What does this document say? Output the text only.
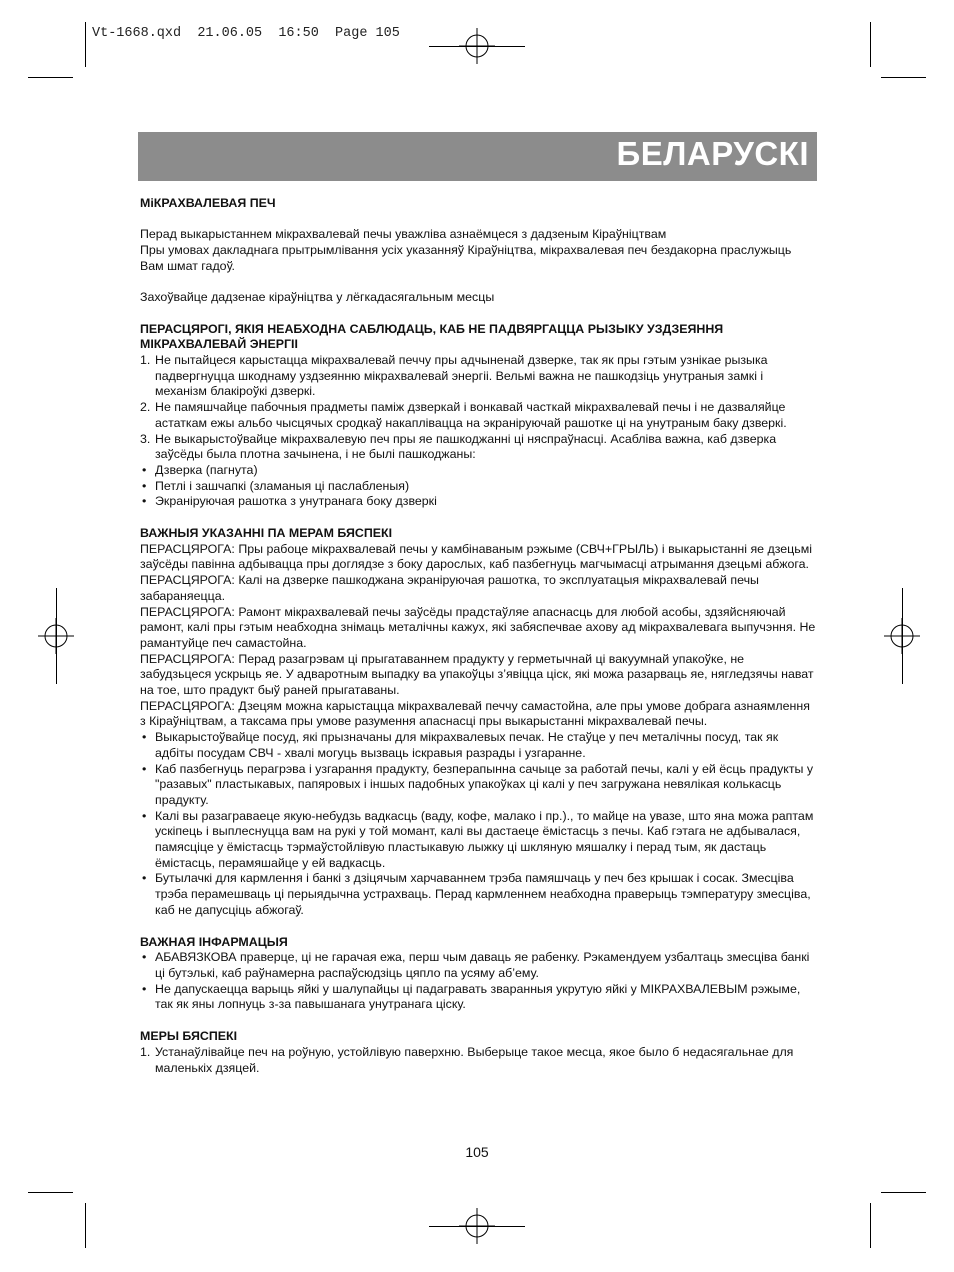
Vt-1668.qxd  21.06.05  16:50  Page 105
БЕЛАРУСКІ
МіКРАХВАЛЕВАЯ ПЕЧ

Перад выкарыстаннем мікрахвалевай печы уважліва азнаёмцеся з дадзеным Кіраўніцтвам

Пры умовах дакладнага прытрымлівання усіх указанняў Кіраўніцтва, мікрахвалевая печ бездакорна праслужыць Вам шмат гадоў.

Захоўвайце дадзенае кіраўніцтва у лёгкадасягальным месцы

ПЕРАСЦЯРОГІ, ЯКІЯ НЕАБХОДНА САБЛЮДАЦЬ, КАБ НЕ ПАДВЯРГАЦЦА РЫЗЫКУ УЗДЗЕЯННЯ МІКРАХВАЛЕВАЙ ЭНЕРГІІ
1. Не пытайцеся карыстацца мікрахвалевай печчу пры адчыненай дзверке, так як пры гэтым узнікае рызыка падвергнуцца шкоднаму уздзеянню мікрахвалевай энергіі. Вельмі важна не пашкодзіць унутраныя замкі і механізм блакіроўкі дзверкі.
2. Не памяшчайце пабочныя прадметы паміж дзверкай і вонкавай часткай мікрахвалевай печы і не дазваляйце астаткам ежы альбо чысцячых сродкаў накапліваццa на экраніруючай рашотке ці на унутраным баку дзверкі.
3. Не выкарыстоўвайце мікрахвалевую печ пры яе пашкоджанні ці няспраўнасці. Асабліва важна, каб дзверка заўсёды была плотна зачынена, і не былі пашкоджаны:
• Дзверка (пагнута)
• Петлі і зашчапкі (зламаныя ці паслабленыя)
• Экраніруючая рашотка з унутранага боку дзверкі
ВАЖНЫЯ УКАЗАННІ ПА МЕРАМ БЯСПЕКІ

ПЕРАСЦЯРОГА: Пры рабоце мікрахвалевай печы у камбінаваным рэжыме (СВЧ+ГРЫЛЬ) і выкарыстанні яе дзецьмі заўсёды павінна адбывацца пры доглядзе з боку дарослых, каб пазбегнуць магчымасці атрымання дзецьмі абжога.

ПЕРАСЦЯРОГА: Калі на дзверке пашкоджана экраніруючая рашотка, то эксплуатацыя мікрахвалевай печы забараняецца.

ПЕРАСЦЯРОГА: Рамонт мікрахвалевай печы заўсёды прадстаўляе апаснасць для любой асобы, здзяйсняючай рамонт, калі пры гэтым неабходна знімаць металічны кажух, які забяспечвае ахову ад мікрахвалевага выпучэння. Не рамантуйце печ самастойна.

ПЕРАСЦЯРОГА: Перад разагрэвам ці прыгатаваннем прадукту у герметычнай ці вакуумнай упакоўке, не забудзьцеся ускрыць яе. У адваротным выпадку ва упакоўцы з’явіцца ціск, які можа разарваць яе, нягледзячы нават на тое, што прадукт быў раней прыгатаваны.

ПЕРАСЦЯРОГА: Дзецям можна карыстацца мікрахвалевай печчу самастойна, але пры умове добрага азнаямлення з Кіраўніцтвам, а таксама пры умове разумення апаснасці пры выкарыстанні мікрахвалевай печы.

• Выкарыстоўвайце посуд, які прызначаны для мікрахвалевых печак. Не стаўце у печ металічны посуд, так як адбіты посудам СВЧ - хвалі могуць вызваць іскравыя разрады і узгаранне.
• Каб пазбегнуць перагрэва і узгарання прадукту, безперапынна сачыце за работай печы, калі у ей ёсць прадукты у "разавых" пластыкавых, папяровых і іншых падобных упакоўках ці калі у печ загружана невялікая колькасць прадукту.
• Калі вы разагравaеце якую-небудзь вадкасць (ваду, кофе, малако і пр.)., то майце на увазе, што яна можа раптам ускіпець і выплеснуцца вам на рукі у той момант, калі вы дастаеце ёмістасць з печы. Каб гэтага не адбывалася, памясціце у ёмістасць тэрмаўстойлівую пластыкавую лыжку ці шкляную мяшалку і перад тым, як дастаць ёмістасць, перамяшайце у ей вадкасць.
• Бутылачкі для кармлення і банкі з дзіцячым харчаваннем трэба памяшчаць у печ без крышак і сосак. Змесціва трэба перамешваць ці перыядычна устрахваць. Перад кармленнем неабходна праверыць тэмпературу змесціва, каб не дапусціць абжогаў.
ВАЖНАЯ ІНФАРМАЦЫЯ
• АБАВЯЗКОВА праверце, ці не гарачая ежа, перш чым даваць яе рабенку. Рэкамендуем узбалтаць змесціва банкі ці бутэлькі, каб раўнамерна распаўсюдзіць цяпло па усяму аб’ему.
• Не дапускаецца варыць яйкі у шалупайцы ці падагравать зваранныя укрутую яйкі у МІКРАХВАЛЕВЫМ рэжыме, так як яны лопнуць з-за павышанага унутранага ціску.
МЕРЫ БЯСПЕКІ
1. Устанаўлівайце печ на роўную, устойлівую паверхню. Выберыце такое месца, якое было б недасягальнае для маленькіх дзяцей.
105
